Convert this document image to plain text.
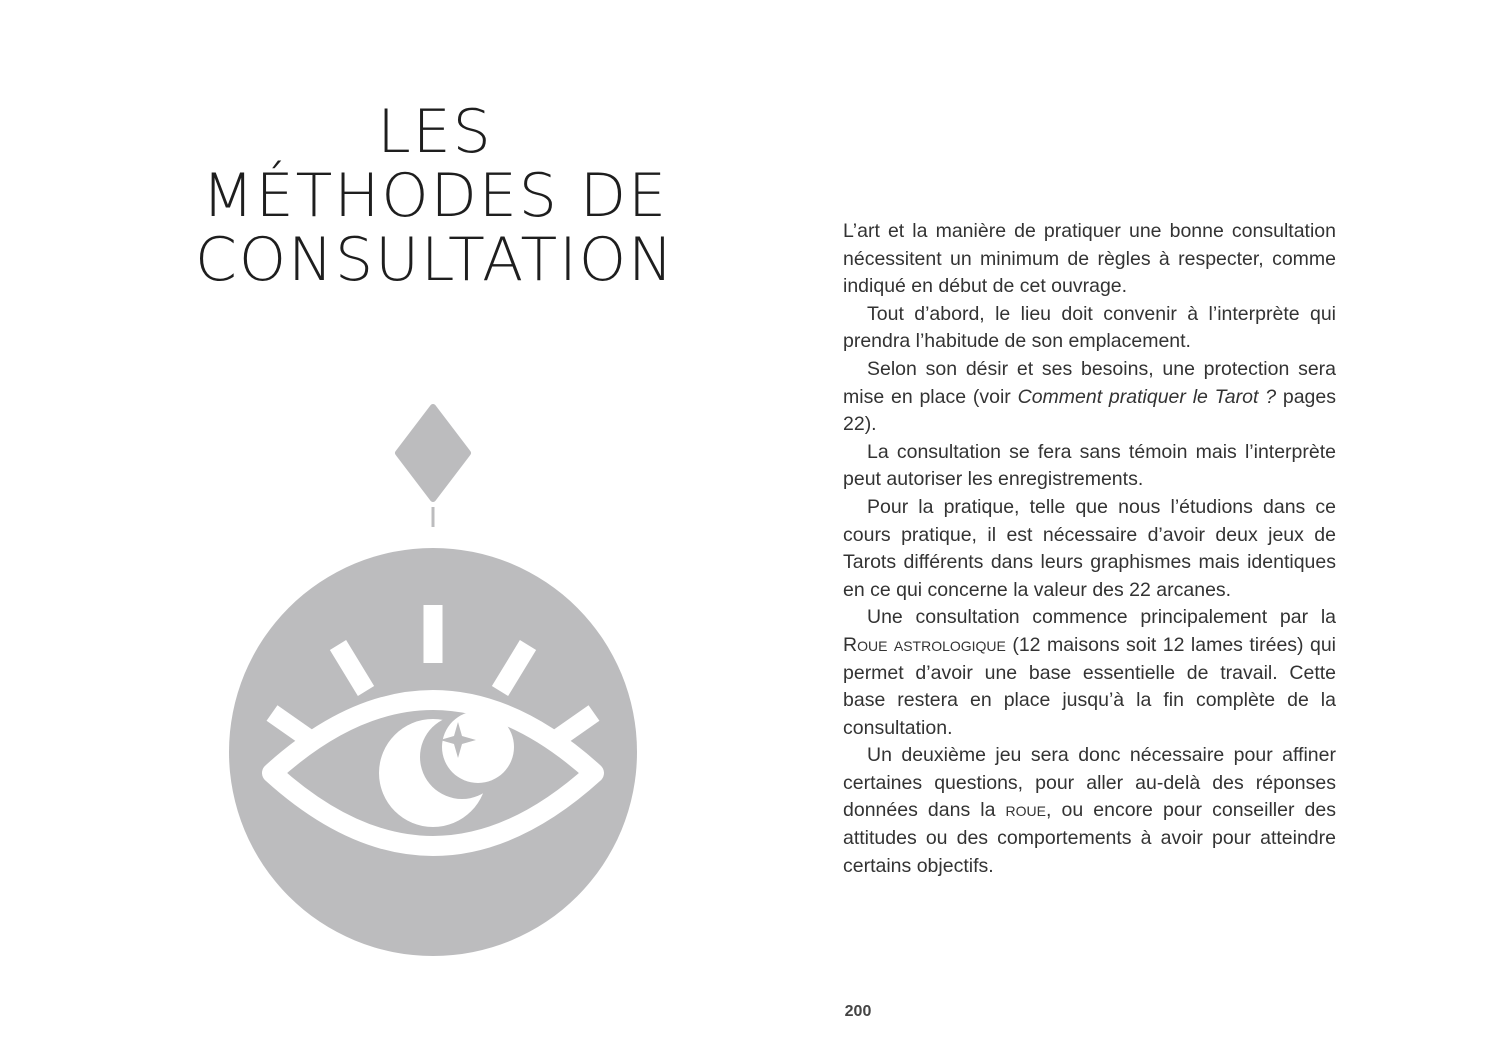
LES
MÉTHODES DE
CONSULTATION	L’art et la manière de pratiquer une bonne consultation nécessitent un minimum de règles à respecter, comme indiqué en début de cet ouvrage.

Tout d’abord, le lieu doit convenir à l’interprète qui prendra l’habitude de son emplacement.

Selon son désir et ses besoins, une protection sera mise en place (voir Comment pratiquer le Tarot ? pages 22).

La consultation se fera sans témoin mais l’interprète peut autoriser les enregistrements.

Pour la pratique, telle que nous l’étudions dans ce cours pratique, il est nécessaire d’avoir deux jeux de Tarots différents dans leurs graphismes mais identiques en ce qui concerne la valeur des 22 arcanes.

Une consultation commence principalement par la Roue astrologique (12 maisons soit 12 lames tirées) qui permet d’avoir une base essentielle de travail. Cette base restera en place jusqu’à la fin complète de la consultation.

Un deuxième jeu sera donc nécessaire pour affiner certaines questions, pour aller au-delà des réponses données dans la roue, ou encore pour conseiller des attitudes ou des comportements à avoir pour atteindre certains objectifs.

200
